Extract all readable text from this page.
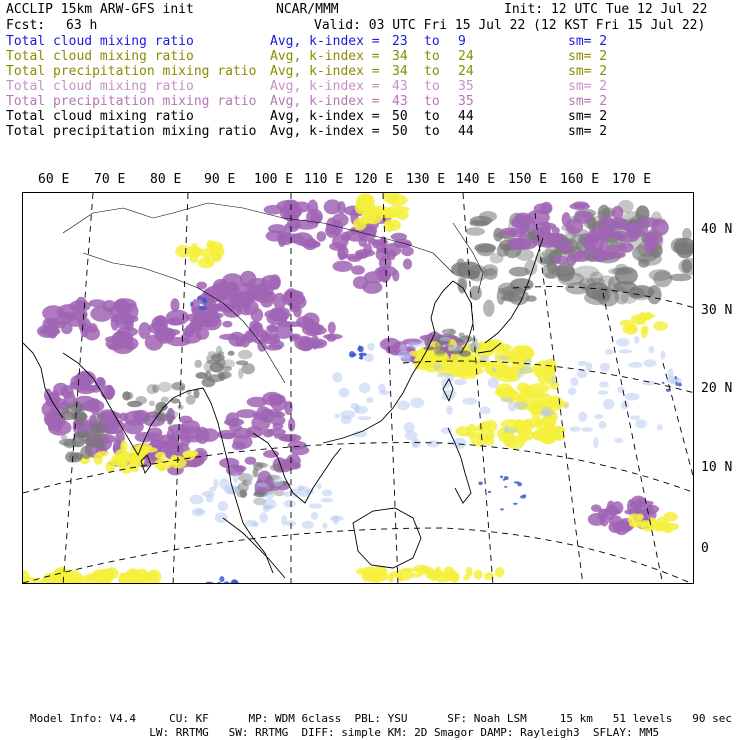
ACCLIP 15km ARW-GFS init	NCAR/MMM	Init: 12 UTC Tue 12 Jul 22
Fcst: 63 h	Valid: 03 UTC Fri 15 Jul 22 (12 KST Fri 15 Jul 22)
Total cloud mixing ratio	Avg, k-index = 23 to 9	sm= 2
Total cloud mixing ratio	Avg, k-index = 34 to 24	sm= 2
Total precipitation mixing ratio Avg, k-index = 34 to 24	sm= 2
Total cloud mixing ratio	Avg, k-index = 43 to 35	sm= 2
Total precipitation mixing ratio Avg, k-index = 43 to 35	sm= 2
Total cloud mixing ratio	Avg, k-index = 50 to 44	sm= 2
Total precipitation mixing ratio Avg, k-index = 50 to 44	sm= 2
60 E 70 E 80 E 90 E 100 E 110 E 120 E 130 E 140 E 150 E 160 E 170 E
40 N
30 N
20 N
10 N
0
Model Info: V4.4     CU: KF      MP: WDM 6class  PBL: YSU      SF: Noah LSM     15 km   51 levels   90 sec
LW: RRTMG   SW: RRTMG  DIFF: simple KM: 2D Smagor DAMP: Rayleigh3  SFLAY: MM5
